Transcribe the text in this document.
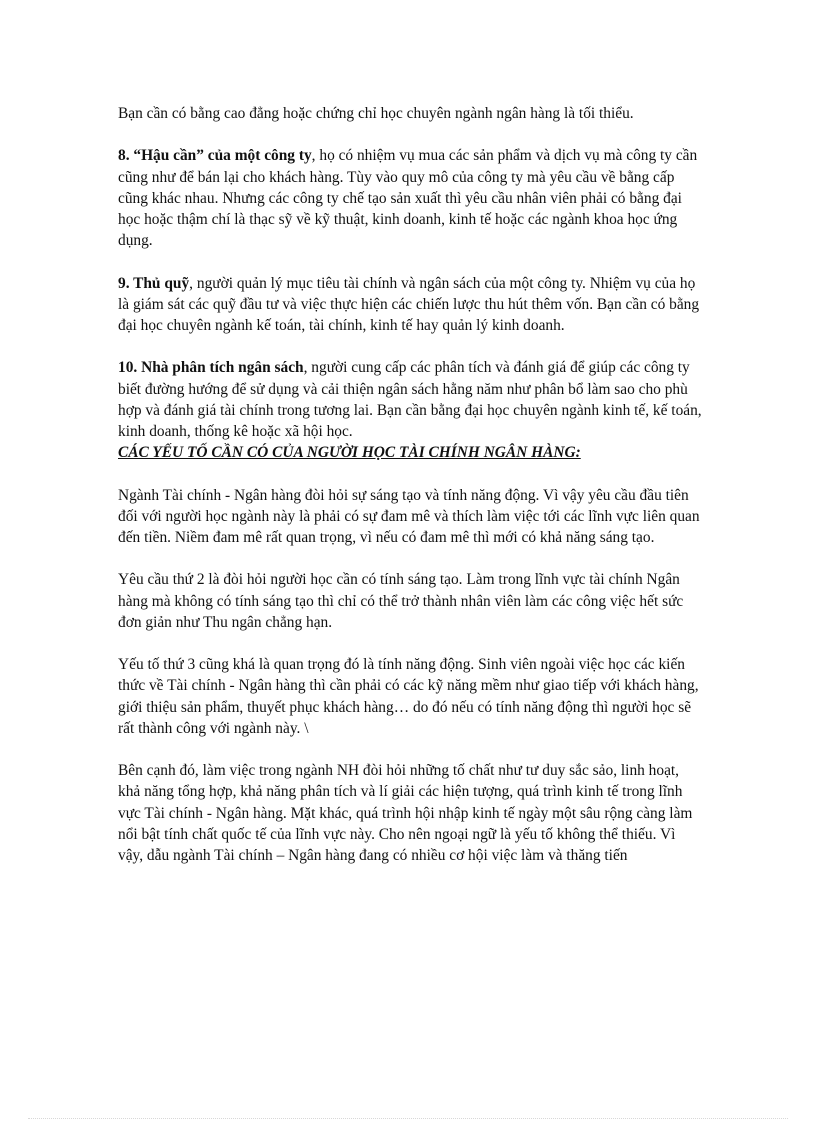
Bạn cần có bằng cao đẳng hoặc chứng chỉ học chuyên ngành ngân hàng là tối thiểu.

8. “Hậu cần” của một công ty, họ có nhiệm vụ mua các sản phẩm và dịch vụ mà công ty cần cũng như để bán lại cho khách hàng. Tùy vào quy mô của công ty mà yêu cầu về bằng cấp cũng khác nhau. Nhưng các công ty chế tạo sản xuất thì yêu cầu nhân viên phải có bằng đại học hoặc thậm chí là thạc sỹ về kỹ thuật, kinh doanh, kinh tế hoặc các ngành khoa học ứng dụng.

9. Thủ quỹ, người quản lý mục tiêu tài chính và ngân sách của một công ty. Nhiệm vụ của họ là giám sát các quỹ đầu tư và việc thực hiện các chiến lược thu hút thêm vốn. Bạn cần có bằng đại học chuyên ngành kế toán, tài chính, kinh tế hay quản lý kinh doanh.

10. Nhà phân tích ngân sách, người cung cấp các phân tích và đánh giá để giúp các công ty biết đường hướng để sử dụng và cải thiện ngân sách hằng năm như phân bổ làm sao cho phù hợp và đánh giá tài chính trong tương lai. Bạn cần bằng đại học chuyên ngành kinh tế, kế toán, kinh doanh, thống kê hoặc xã hội học.

CÁC YẾU TỐ CẦN CÓ CỦA NGƯỜI HỌC TÀI CHÍNH NGÂN HÀNG:

Ngành Tài chính - Ngân hàng đòi hỏi sự sáng tạo và tính năng động. Vì vậy yêu cầu đầu tiên đối với người học ngành này là phải có sự đam mê và thích làm việc tới các lĩnh vực liên quan đến tiền. Niềm đam mê rất quan trọng, vì nếu có đam mê thì mới có khả năng sáng tạo.

Yêu cầu thứ 2 là đòi hỏi người học cần có tính sáng tạo. Làm trong lĩnh vực tài chính Ngân hàng mà không có tính sáng tạo thì chỉ có thể trở thành nhân viên làm các công việc hết sức đơn giản như Thu ngân chẳng hạn.

Yếu tố thứ 3 cũng khá là quan trọng đó là tính năng động. Sinh viên ngoài việc học các kiến thức về Tài chính - Ngân hàng thì cần phải có các kỹ năng mềm như giao tiếp với khách hàng, giới thiệu sản phẩm, thuyết phục khách hàng… do đó nếu có tính năng động thì người học sẽ rất thành công với ngành này. \

Bên cạnh đó, làm việc trong ngành NH đòi hỏi những tố chất như tư duy sắc sảo, linh hoạt, khả năng tổng hợp, khả năng phân tích và lí giải các hiện tượng, quá trình kinh tế trong lĩnh vực Tài chính - Ngân hàng. Mặt khác, quá trình hội nhập kinh tế ngày một sâu rộng càng làm nổi bật tính chất quốc tế của lĩnh vực này. Cho nên ngoại ngữ là yếu tố không thể thiếu. Vì vậy, dẫu ngành Tài chính – Ngân hàng đang có nhiều cơ hội việc làm và thăng tiến
